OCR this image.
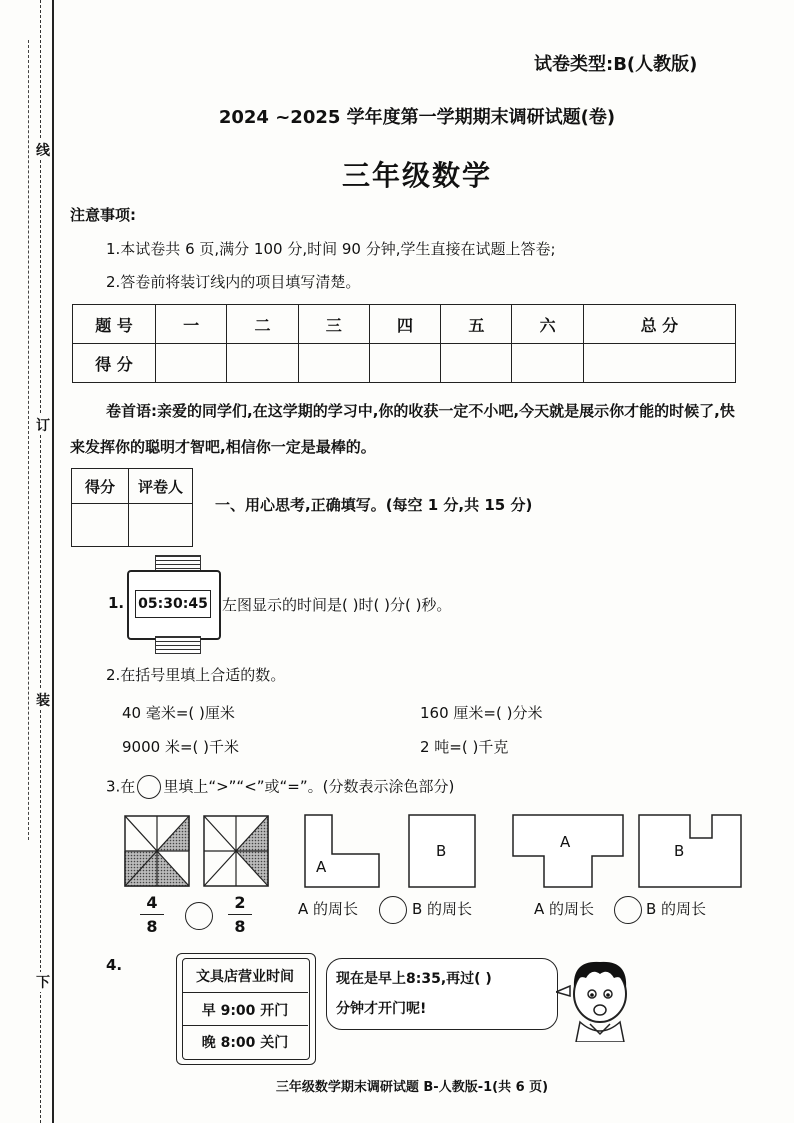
线
订
装
下
试卷类型:B(人教版)
2024 ~2025 学年度第一学期期末调研试题(卷)
三年级数学
注意事项:
1.本试卷共 6 页,满分 100 分,时间 90 分钟,学生直接在试题上答卷;
2.答卷前将装订线内的项目填写清楚。
题 号	一	二	三	四	五	六	总 分
得 分							
卷首语:亲爱的同学们,在这学期的学习中,你的收获一定不小吧,今天就是展示你才能的时候了,快来发挥你的聪明才智吧,相信你一定是最棒的。
得分	评卷人

一、用心思考,正确填写。(每空 1 分,共 15 分)
1. 05:30:45 左图显示的时间是( )时( )分( )秒。
2.在括号里填上合适的数。
40 毫米=( )厘米	160 厘米=( )分米
9000 米=( )千米	2 吨=( )千克
3.在 里填上“>”“<”或“=”。(分数表示涂色部分)
4
8
2
8
A
B
A 的周长	B 的周长
A	B
A 的周长	B 的周长
4.
文具店营业时间
早 9:00 开门
晚 8:00 关门
现在是早上8:35,再过( )
分钟才开门呢!
三年级数学期末调研试题 B-人教版-1(共 6 页)
